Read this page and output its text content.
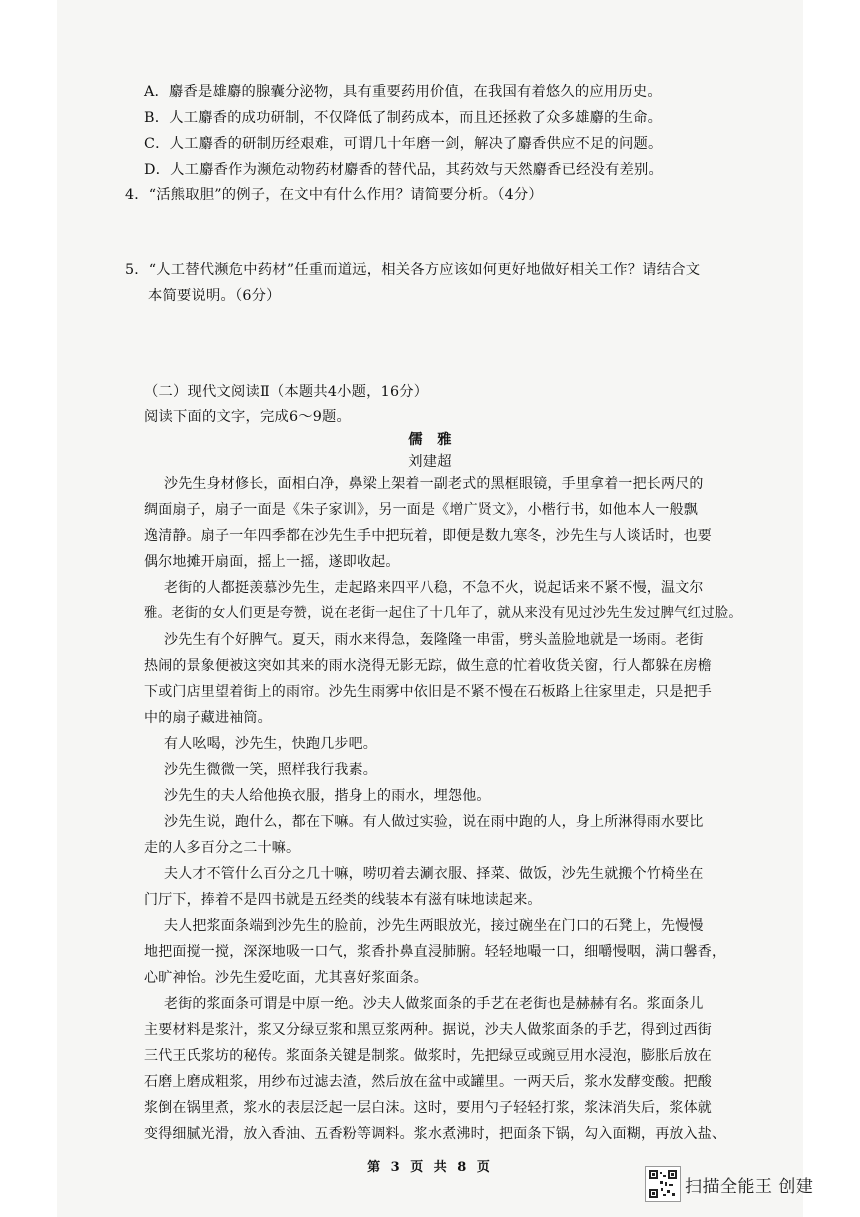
A．麝香是雄麝的腺囊分泌物，具有重要药用价值，在我国有着悠久的应用历史。
B．人工麝香的成功研制，不仅降低了制药成本，而且还拯救了众多雄麝的生命。
C．人工麝香的研制历经艰难，可谓几十年磨一剑，解决了麝香供应不足的问题。
D．人工麝香作为濒危动物药材麝香的替代品，其药效与天然麝香已经没有差别。
4．“活熊取胆”的例子，在文中有什么作用？请简要分析。（4分）
5．“人工替代濒危中药材”任重而道远，相关各方应该如何更好地做好相关工作？请结合文
本简要说明。（6分）
（二）现代文阅读Ⅱ（本题共4小题，16分）
阅读下面的文字，完成6～9题。
儒　雅
刘建超
沙先生身材修长，面相白净，鼻梁上架着一副老式的黑框眼镜，手里拿着一把长两尺的
绸面扇子，扇子一面是《朱子家训》，另一面是《增广贤文》，小楷行书，如他本人一般飘
逸清静。扇子一年四季都在沙先生手中把玩着，即便是数九寒冬，沙先生与人谈话时，也要
偶尔地摊开扇面，摇上一摇，遂即收起。
老街的人都挺羡慕沙先生，走起路来四平八稳，不急不火，说起话来不紧不慢，温文尔
雅。老街的女人们更是夸赞，说在老街一起住了十几年了，就从来没有见过沙先生发过脾气红过脸。
沙先生有个好脾气。夏天，雨水来得急，轰隆隆一串雷，劈头盖脸地就是一场雨。老街
热闹的景象便被这突如其来的雨水浇得无影无踪，做生意的忙着收货关窗，行人都躲在房檐
下或门店里望着街上的雨帘。沙先生雨雾中依旧是不紧不慢在石板路上往家里走，只是把手
中的扇子藏进袖筒。
有人吆喝，沙先生，快跑几步吧。
沙先生微微一笑，照样我行我素。
沙先生的夫人给他换衣服，揩身上的雨水，埋怨他。
沙先生说，跑什么，都在下嘛。有人做过实验，说在雨中跑的人，身上所淋得雨水要比
走的人多百分之二十嘛。
夫人才不管什么百分之几十嘛，唠叨着去涮衣服、择菜、做饭，沙先生就搬个竹椅坐在
门厅下，捧着不是四书就是五经类的线装本有滋有味地读起来。
夫人把浆面条端到沙先生的脸前，沙先生两眼放光，接过碗坐在门口的石凳上，先慢慢
地把面搅一搅，深深地吸一口气，浆香扑鼻直浸肺腑。轻轻地嘬一口，细嚼慢咽，满口馨香，
心旷神怡。沙先生爱吃面，尤其喜好浆面条。
老街的浆面条可谓是中原一绝。沙夫人做浆面条的手艺在老街也是赫赫有名。浆面条儿
主要材料是浆汁，浆又分绿豆浆和黑豆浆两种。据说，沙夫人做浆面条的手艺，得到过西街
三代王氏浆坊的秘传。浆面条关键是制浆。做浆时，先把绿豆或豌豆用水浸泡，膨胀后放在
石磨上磨成粗浆，用纱布过滤去渣，然后放在盆中或罐里。一两天后，浆水发酵变酸。把酸
浆倒在锅里煮，浆水的表层泛起一层白沫。这时，要用勺子轻轻打浆，浆沫消失后，浆体就
变得细腻光滑，放入香油、五香粉等调料。浆水煮沸时，把面条下锅，勾入面糊，再放入盐、
第 3 页 共 8 页
扫描全能王 创建
